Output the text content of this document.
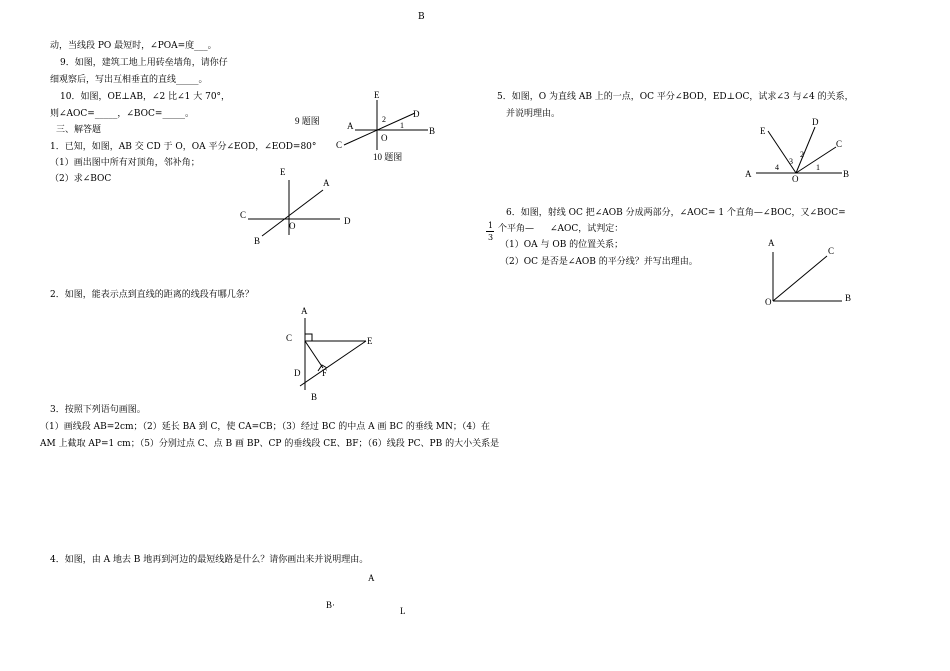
B
动，当线段 PO 最短时，∠POA=度___。
9．如图，建筑工地上用砖垒墙角，请你仔
细观察后，写出互相垂直的直线_____。
10．如图，OE⊥AB，∠2 比∠1 大 70°，
则∠AOC=_____，∠BOC=_____。
三、解答题
1．已知，如图，AB 交 CD 于 O，OA 平分∠EOD，∠EOD=80°
（1）画出图中所有对顶角，邻补角；
（2）求∠BOC
2．如图，能表示点到直线的距离的线段有哪几条？
3．按照下列语句画图。
（1）画线段 AB=2cm；（2）延长 BA 到 C，使 CA=CB；（3）经过 BC 的中点 A 画 BC 的垂线 MN；（4）在
AM 上截取 AP=1 cm；（5）分别过点 C、点 B 画 BP、CP 的垂线段 CE、BF；（6）线段 PC、PB 的大小关系是
4．如图，由 A 地去 B 地再到河边的最短线路是什么？请你画出来并说明理由。
5．如图，O 为直线 AB 上的一点，OC 平分∠BOD，ED⊥OC，试求∠3 与∠4 的关系，
并说明理由。
6．如图，射线 OC 把∠AOB 分成两部分，∠AOC= 1 个直角—∠BOC，又∠BOC=
1
3
个平角— ∠AOC，试判定：
（1）OA 与 OB 的位置关系；
（2）OC 是否是∠AOB 的平分线？并写出理由。
E
D
A	B
C
O
1
2
9 题图
10 题图
E
A
C
O	D
B
A
C	E
D F
B
A
B·
L
E
D
C
A	O	B
1
2
3
4
A
C
O	B
